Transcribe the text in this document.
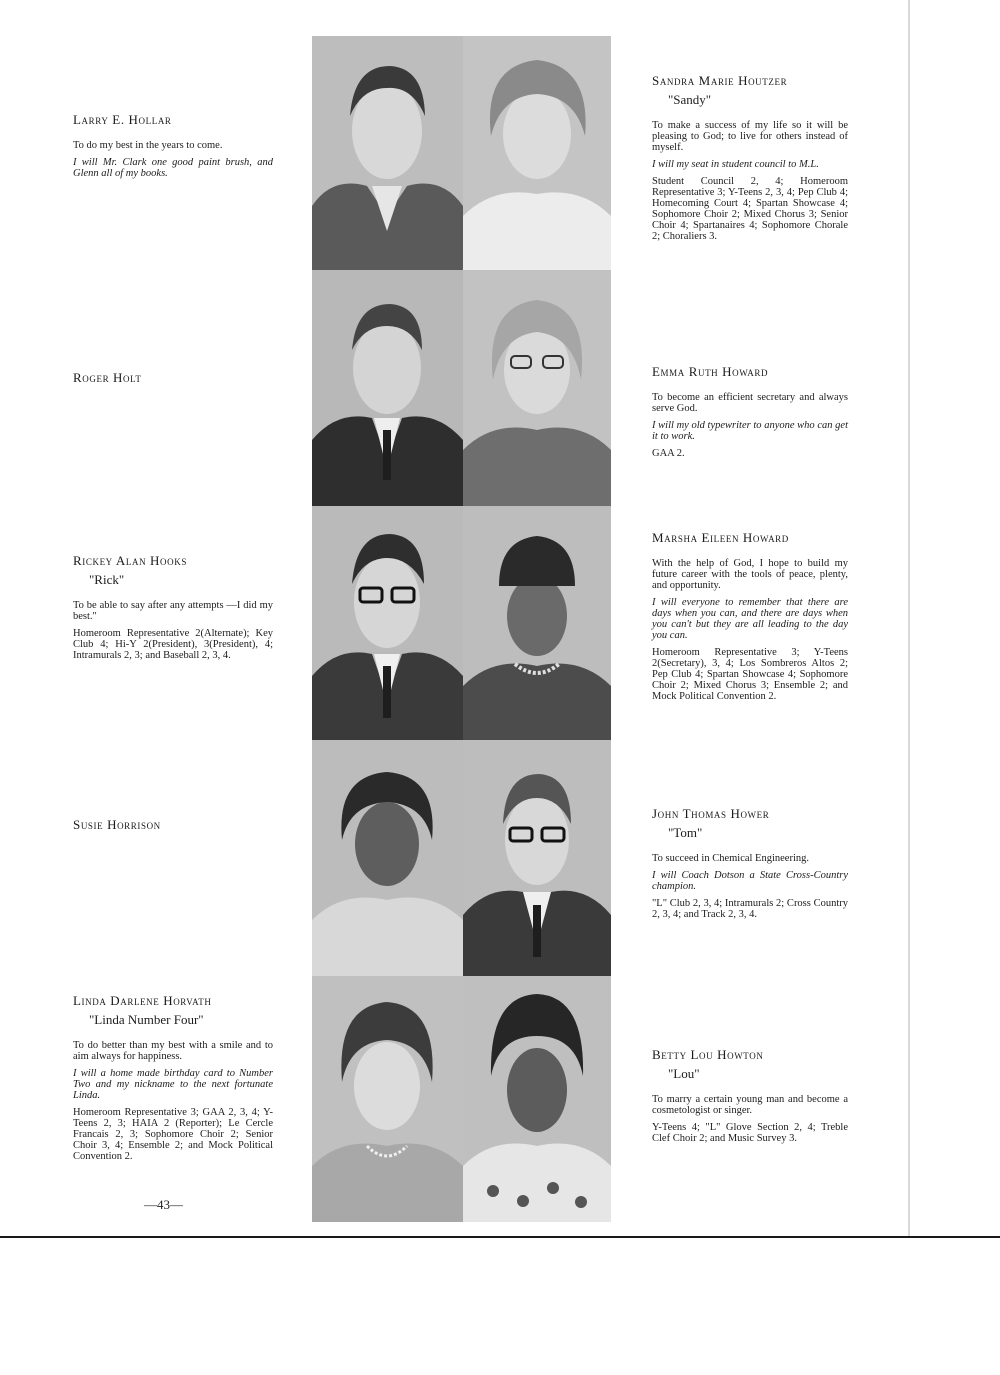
Larry E. Hollar

To do my best in the years to come.

I will Mr. Clark one good paint brush, and Glenn all of my books.

Roger Holt

Rickey Alan Hooks

"Rick"

To be able to say after any attempts —I did my best."

Homeroom Representative 2(Alternate); Key Club 4; Hi-Y 2(President), 3(President), 4; Intramurals 2, 3; and Baseball 2, 3, 4.

Susie Horrison

Linda Darlene Horvath

"Linda Number Four"

To do better than my best with a smile and to aim always for happiness.

I will a home made birthday card to Number Two and my nickname to the next fortunate Linda.

Homeroom Representative 3; GAA 2, 3, 4; Y-Teens 2, 3; HAIA 2 (Reporter); Le Cercle Francais 2, 3; Sophomore Choir 2; Senior Choir 3, 4; Ensemble 2; and Mock Political Convention 2.

Sandra Marie Houtzer

"Sandy"

To make a success of my life so it will be pleasing to God; to live for others instead of myself.

I will my seat in student council to M.L.

Student Council 2, 4; Homeroom Representative 3; Y-Teens 2, 3, 4; Pep Club 4; Homecoming Court 4; Spartan Showcase 4; Sophomore Choir 2; Mixed Chorus 3; Senior Choir 4; Spartanaires 4; Sophomore Chorale 2; Choraliers 3.

Emma Ruth Howard

To become an efficient secretary and always serve God.

I will my old typewriter to anyone who can get it to work.

GAA 2.

Marsha Eileen Howard

With the help of God, I hope to build my future career with the tools of peace, plenty, and opportunity.

I will everyone to remember that there are days when you can, and there are days when you can't but they are all leading to the day you can.

Homeroom Representative 3; Y-Teens 2(Secretary), 3, 4; Los Sombreros Altos 2; Pep Club 4; Spartan Showcase 4; Sophomore Choir 2; Mixed Chorus 3; Ensemble 2; and Mock Political Convention 2.

John Thomas Hower

"Tom"

To succeed in Chemical Engineering.

I will Coach Dotson a State Cross-Country champion.

"L" Club 2, 3, 4; Intramurals 2; Cross Country 2, 3, 4; and Track 2, 3, 4.

Betty Lou Howton

"Lou"

To marry a certain young man and become a cosmetologist or singer.

Y-Teens 4; "L" Glove Section 2, 4; Treble Clef Choir 2; and Music Survey 3.

—43—
